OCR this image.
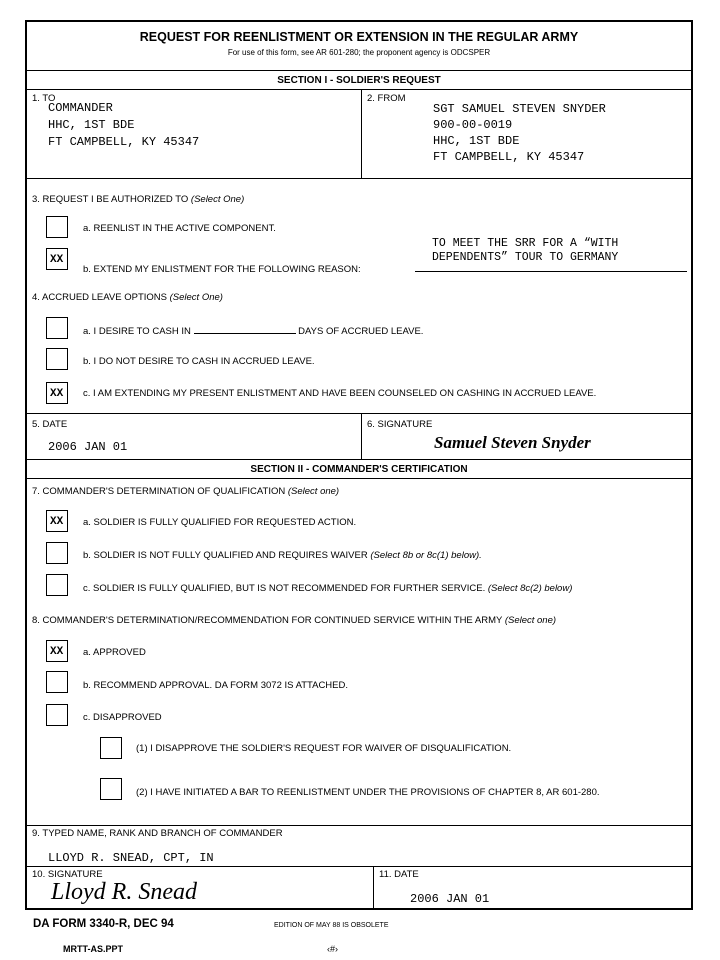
REQUEST FOR REENLISTMENT OR EXTENSION IN THE REGULAR ARMY
For use of this form, see AR 601-280; the proponent agency is ODCSPER
SECTION I - SOLDIER'S REQUEST
1. TO
COMMANDER
HHC, 1ST BDE
FT CAMPBELL, KY 45347
2. FROM
SGT SAMUEL STEVEN SNYDER
900-00-0019
HHC, 1ST BDE
FT CAMPBELL, KY 45347
3. REQUEST I BE AUTHORIZED TO (Select One)
a. REENLIST IN THE ACTIVE COMPONENT.
XX
b. EXTEND MY ENLISTMENT FOR THE FOLLOWING REASON:
TO MEET THE SRR FOR A “WITH
DEPENDENTS” TOUR TO GERMANY
4. ACCRUED LEAVE OPTIONS (Select One)
a. I DESIRE TO CASH IN	DAYS OF ACCRUED LEAVE.
b. I DO NOT DESIRE TO CASH IN ACCRUED LEAVE.
XX c. I AM EXTENDING MY PRESENT ENLISTMENT AND HAVE BEEN COUNSELED ON CASHING IN ACCRUED LEAVE.
5. DATE
2006 JAN 01
6. SIGNATURE
Samuel Steven Snyder
SECTION II - COMMANDER'S CERTIFICATION
7. COMMANDER'S DETERMINATION OF QUALIFICATION (Select one)
XX a. SOLDIER IS FULLY QUALIFIED FOR REQUESTED ACTION.
b. SOLDIER IS NOT FULLY QUALIFIED AND REQUIRES WAIVER (Select 8b or 8c(1) below).
c. SOLDIER IS FULLY QUALIFIED, BUT IS NOT RECOMMENDED FOR FURTHER SERVICE. (Select 8c(2) below)
8. COMMANDER'S DETERMINATION/RECOMMENDATION FOR CONTINUED SERVICE WITHIN THE ARMY (Select one)
XX a. APPROVED
b. RECOMMEND APPROVAL. DA FORM 3072 IS ATTACHED.
c. DISAPPROVED
(1) I DISAPPROVE THE SOLDIER'S REQUEST FOR WAIVER OF DISQUALIFICATION.
(2) I HAVE INITIATED A BAR TO REENLISTMENT UNDER THE PROVISIONS OF CHAPTER 8, AR 601-280.
9. TYPED NAME, RANK AND BRANCH OF COMMANDER
LLOYD R. SNEAD, CPT, IN
10. SIGNATURE
Lloyd R. Snead
11. DATE
2006 JAN 01
DA FORM 3340-R, DEC 94	EDITION OF MAY 88 IS OBSOLETE
MRTT-AS.PPT	‹#›
